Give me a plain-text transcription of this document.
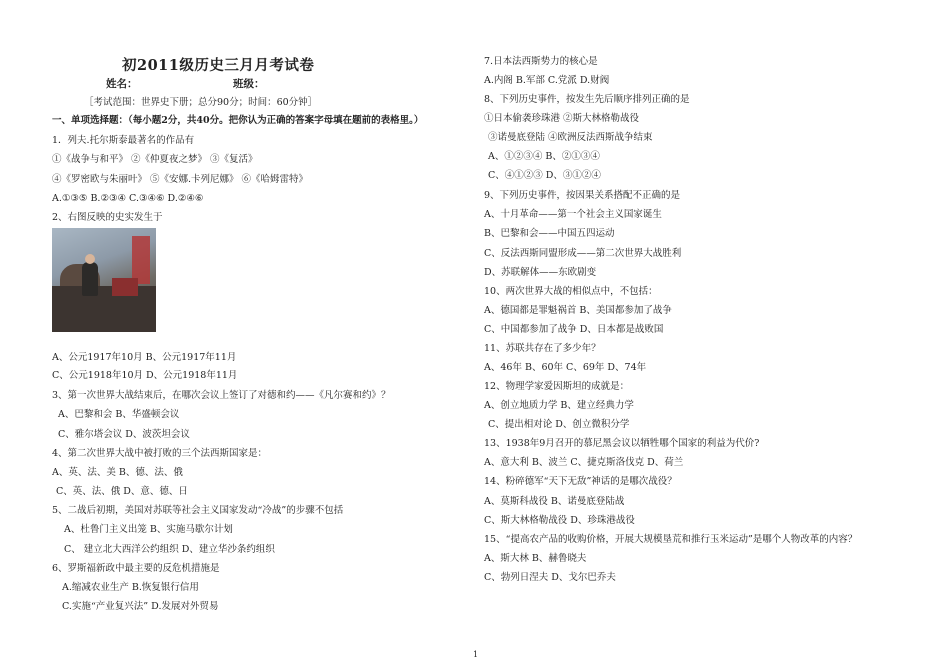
初2011级历史三月月考试卷
姓名：	班级：
［考试范围：世界史下册；总分90分；时间：60分钟］
一、单项选择题：（每小题2分，共40分。把你认为正确的答案字母填在题前的表格里。）
1．列夫.托尔斯泰最著名的作品有
①《战争与和平》 ②《仲夏夜之梦》 ③《复活》
④《罗密欧与朱丽叶》 ⑤《安娜.卡列尼娜》 ⑥《哈姆雷特》
A.①③⑤ B.②③④ C.③④⑥ D.②④⑥
2、右图反映的史实发生于
A、公元1917年10月 B、公元1917年11月
C、公元1918年10月 D、公元1918年11月
3、第一次世界大战结束后，在哪次会议上签订了对德和约——《凡尔赛和约》？
A、巴黎和会 B、华盛顿会议
C、雅尔塔会议 D、波茨坦会议
4、第二次世界大战中被打败的三个法西斯国家是：
A、英、法、美 B、德、法、俄
C、英、法、俄 D、意、德、日
5、二战后初期，美国对苏联等社会主义国家发动“冷战”的步骤不包括
A、杜鲁门主义出笼 B、实施马歇尔计划
C、 建立北大西洋公约组织 D、建立华沙条约组织
6、罗斯福新政中最主要的反危机措施是
A.缩减农业生产 B.恢复银行信用
C.实施“产业复兴法” D.发展对外贸易
7.日本法西斯势力的核心是
A.内阁 B.军部 C.党派 D.财阀
8、下列历史事件，按发生先后顺序排列正确的是
①日本偷袭珍珠港 ②斯大林格勒战役
③诺曼底登陆 ④欧洲反法西斯战争结束
A、①②③④ B、②①③④
C、④①②③ D、③①②④
9、下列历史事件，按因果关系搭配不正确的是
A、十月革命——第一个社会主义国家诞生
B、巴黎和会——中国五四运动
C、反法西斯同盟形成——第二次世界大战胜利
D、苏联解体——东欧剧变
10、两次世界大战的相似点中，不包括：
A、德国都是罪魁祸首 B、美国都参加了战争
C、中国都参加了战争 D、日本都是战败国
11、苏联共存在了多少年？
A、46年 B、60年 C、69年 D、74年
12、物理学家爱因斯坦的成就是：
A、创立地质力学 B、建立经典力学
C、提出相对论 D、创立微积分学
13、1938年9月召开的慕尼黑会议以牺牲哪个国家的利益为代价?
A、意大利 B、波兰 C、捷克斯洛伐克 D、荷兰
14、粉碎德军“天下无敌”神话的是哪次战役？
A、莫斯科战役 B、诺曼底登陆战
C、斯大林格勒战役 D、珍珠港战役
15、“提高农产品的收购价格，开展大规模垦荒和推行玉米运动”是哪个人物改革的内容？
A、斯大林 B、赫鲁晓夫
C、勃列日涅夫 D、戈尔巴乔夫
1
